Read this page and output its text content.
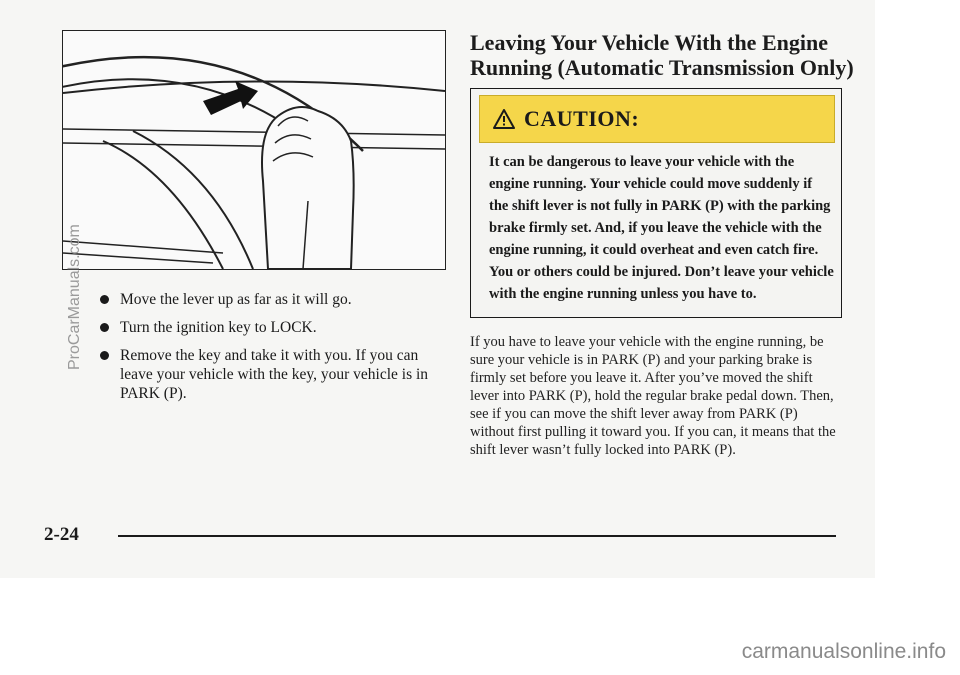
Move the lever up as far as it will go.
Turn the ignition key to LOCK.
Remove the key and take it with you. If you can leave your vehicle with the key, your vehicle is in PARK (P).
Leaving Your Vehicle With the Engine Running (Automatic Transmission Only)
CAUTION:
It can be dangerous to leave your vehicle with the engine running. Your vehicle could move suddenly if the shift lever is not fully in PARK (P) with the parking brake firmly set. And, if you leave the vehicle with the engine running, it could overheat and even catch fire. You or others could be injured. Don’t leave your vehicle with the engine running unless you have to.
If you have to leave your vehicle with the engine running, be sure your vehicle is in PARK (P) and your parking brake is firmly set before you leave it. After you’ve moved the shift lever into PARK (P), hold the regular brake pedal down. Then, see if you can move the shift lever away from PARK (P) without first pulling it toward you. If you can, it means that the shift lever wasn’t fully locked into PARK (P).
2-24
ProCarManuals.com
carmanualsonline.info
